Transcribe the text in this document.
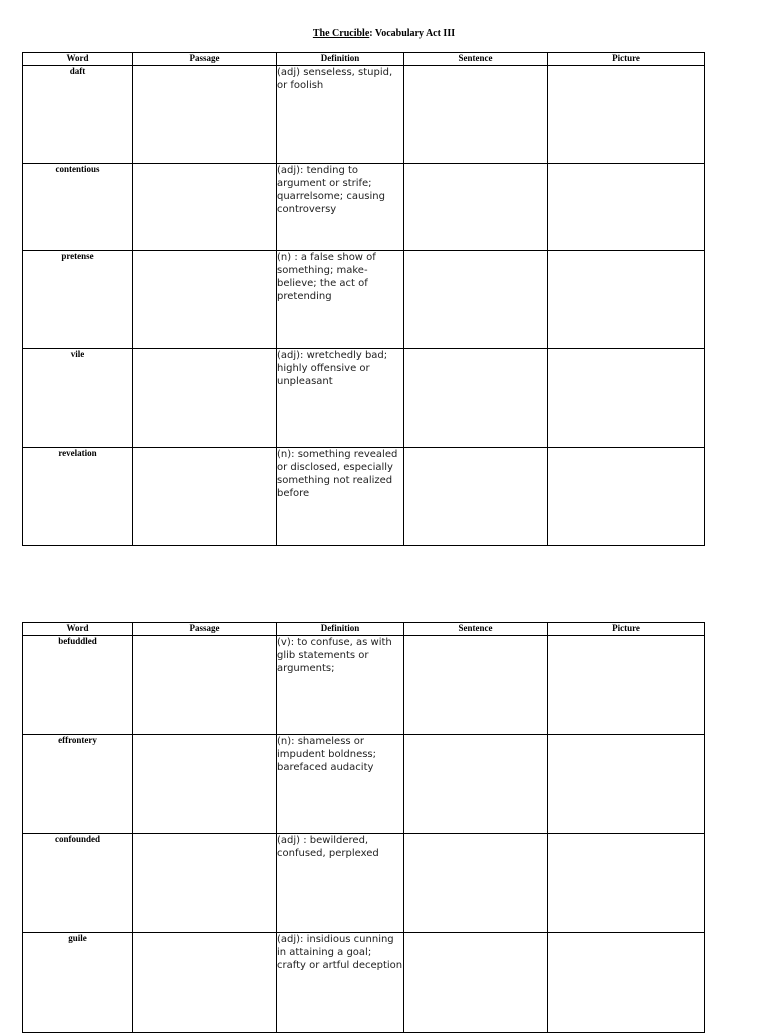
The Crucible: Vocabulary Act III
Word	Passage	Definition	Sentence	Picture
daft		(adj) senseless, stupid, or foolish		
contentious		(adj): tending to argument or strife; quarrelsome; causing controversy		
pretense		(n) : a false show of something; make-believe; the act of pretending		
vile		(adj): wretchedly bad; highly offensive or unpleasant		
revelation		(n): something revealed or disclosed, especially something not realized before		
Word	Passage	Definition	Sentence	Picture
befuddled		(v): to confuse, as with glib statements or arguments;		
effrontery		(n): shameless or impudent boldness; barefaced audacity		
confounded		(adj) : bewildered, confused, perplexed		
guile		(adj): insidious cunning in attaining a goal; crafty or artful deception		
